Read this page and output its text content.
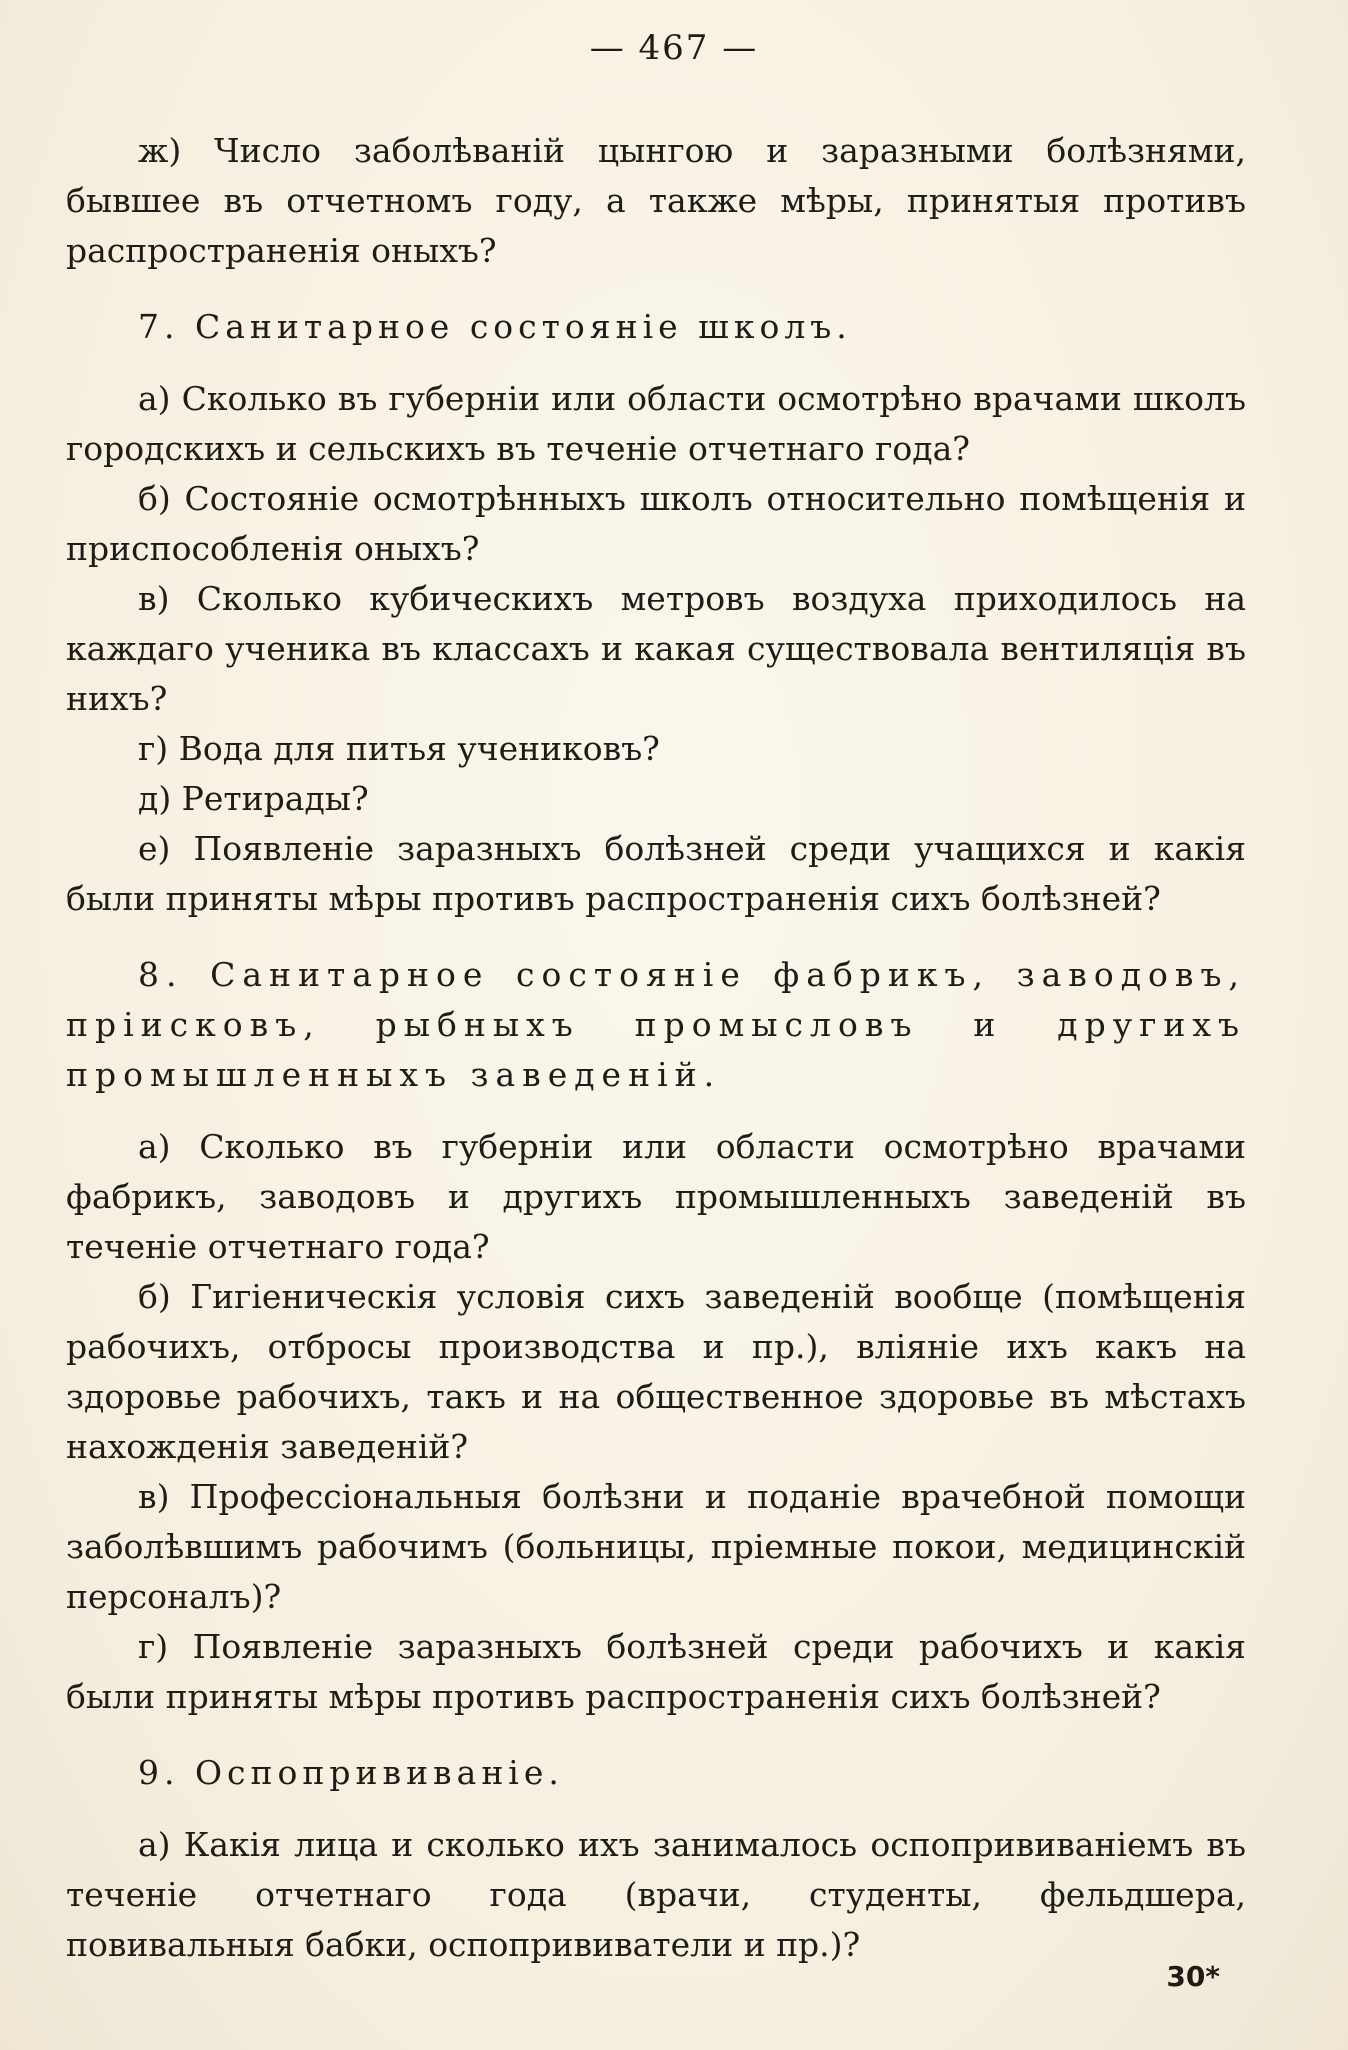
— 467 —

ж) Число заболѣваній цынгою и заразными болѣзнями, бывшее въ отчетномъ году, а также мѣры, принятыя противъ распространенія оныхъ?

7. Санитарное состояніе школъ.

а) Сколько въ губерніи или области осмотрѣно врачами школъ городскихъ и сельскихъ въ теченіе отчетнаго года?

б) Состояніе осмотрѣнныхъ школъ относительно помѣщенія и приспособленія оныхъ?

в) Сколько кубическихъ метровъ воздуха приходилось на каждаго ученика въ классахъ и какая существовала вентиляція въ нихъ?

г) Вода для питья учениковъ?

д) Ретирады?

е) Появленіе заразныхъ болѣзней среди учащихся и какія были приняты мѣры противъ распространенія сихъ болѣзней?

8. Санитарное состояніе фабрикъ, заводовъ, пріисковъ, рыбныхъ промысловъ и другихъ промышленныхъ заведеній.

а) Сколько въ губерніи или области осмотрѣно врачами фабрикъ, заводовъ и другихъ промышленныхъ заведеній въ теченіе отчетнаго года?

б) Гигіеническія условія сихъ заведеній вообще (помѣщенія рабочихъ, отбросы производства и пр.), вліяніе ихъ какъ на здоровье рабочихъ, такъ и на общественное здоровье въ мѣстахъ нахожденія заведеній?

в) Профессіональныя болѣзни и поданіе врачебной помощи заболѣвшимъ рабочимъ (больницы, пріемные покои, медицинскій персоналъ)?

г) Появленіе заразныхъ болѣзней среди рабочихъ и какія были приняты мѣры противъ распространенія сихъ болѣзней?

9. Оспопрививаніе.

а) Какія лица и сколько ихъ занималось оспопрививаніемъ въ теченіе отчетнаго года (врачи, студенты, фельдшера, повивальныя бабки, оспопрививатели и пр.)?

30*
